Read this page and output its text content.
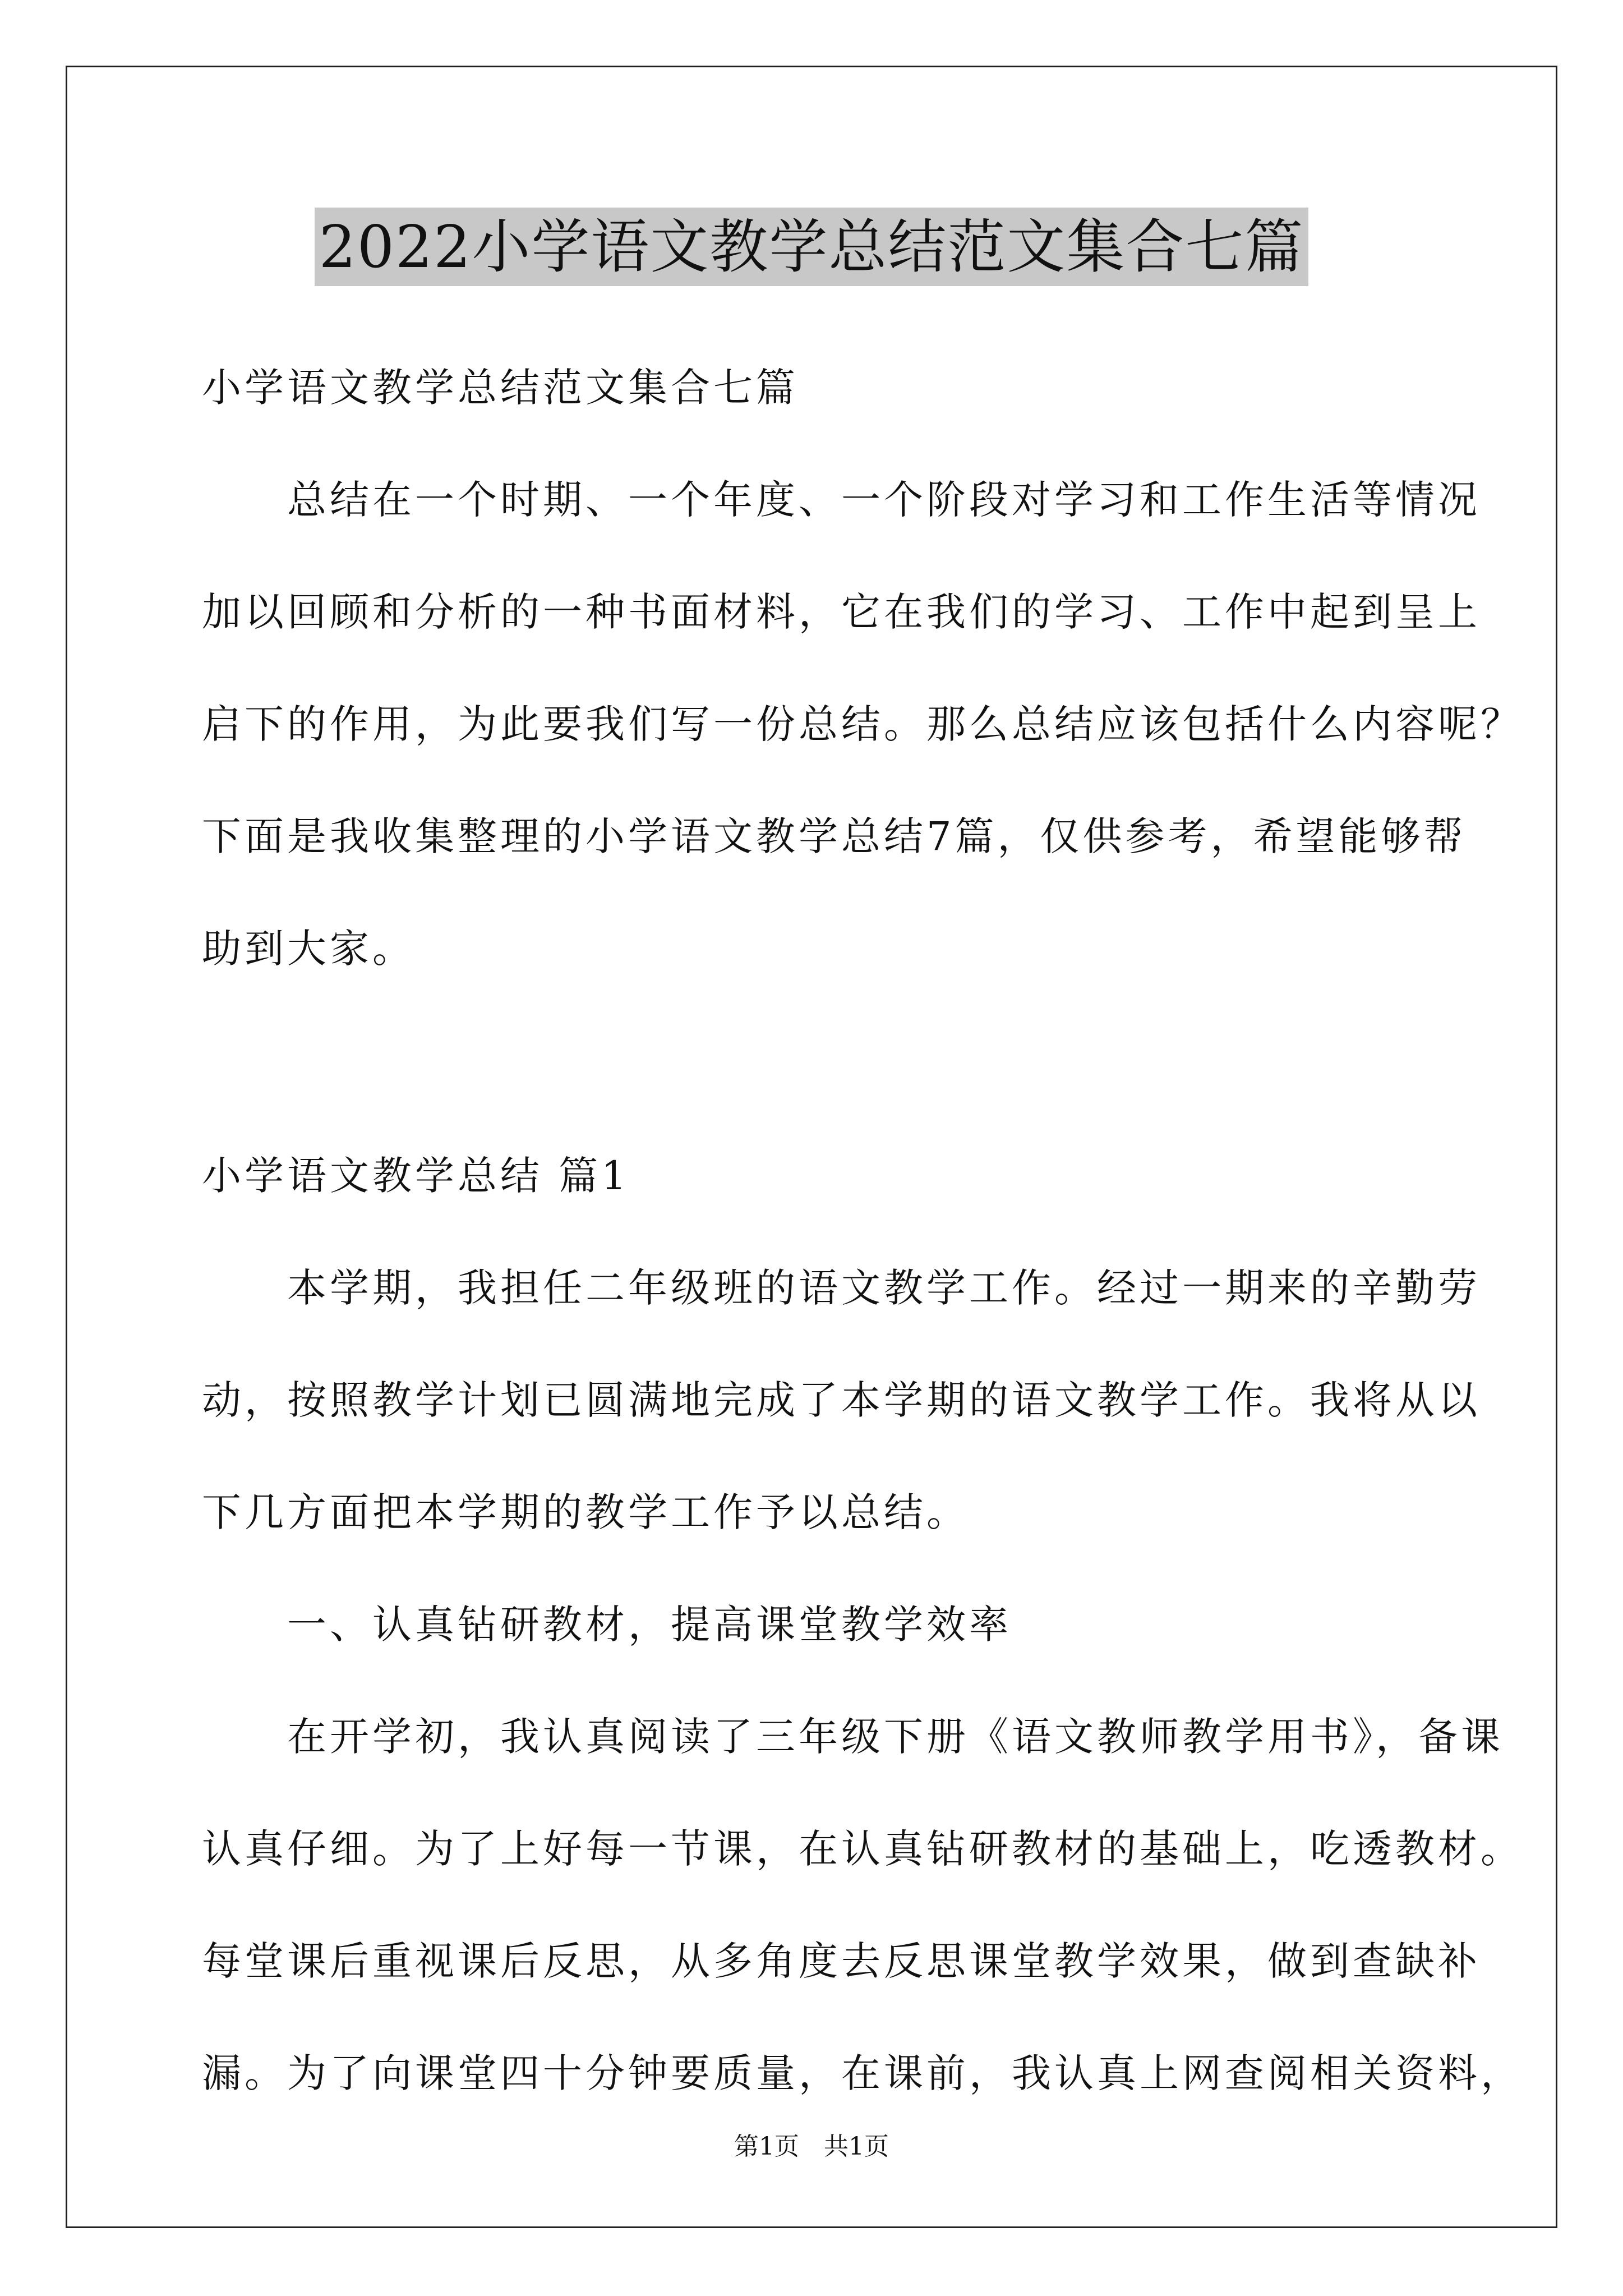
2022小学语文教学总结范文集合七篇
小学语文教学总结范文集合七篇
　　总结在一个时期、一个年度、一个阶段对学习和工作生活等情况
加以回顾和分析的一种书面材料，它在我们的学习、工作中起到呈上
启下的作用，为此要我们写一份总结。那么总结应该包括什么内容呢？
下面是我收集整理的小学语文教学总结7篇，仅供参考，希望能够帮
助到大家。
小学语文教学总结 篇1
　　本学期，我担任二年级班的语文教学工作。经过一期来的辛勤劳
动，按照教学计划已圆满地完成了本学期的语文教学工作。我将从以
下几方面把本学期的教学工作予以总结。
　　一、认真钻研教材，提高课堂教学效率
　　在开学初，我认真阅读了三年级下册《语文教师教学用书》，备课
认真仔细。为了上好每一节课，在认真钻研教材的基础上，吃透教材。
每堂课后重视课后反思，从多角度去反思课堂教学效果，做到查缺补
漏。为了向课堂四十分钟要质量，在课前，我认真上网查阅相关资料，
第1页　共1页
